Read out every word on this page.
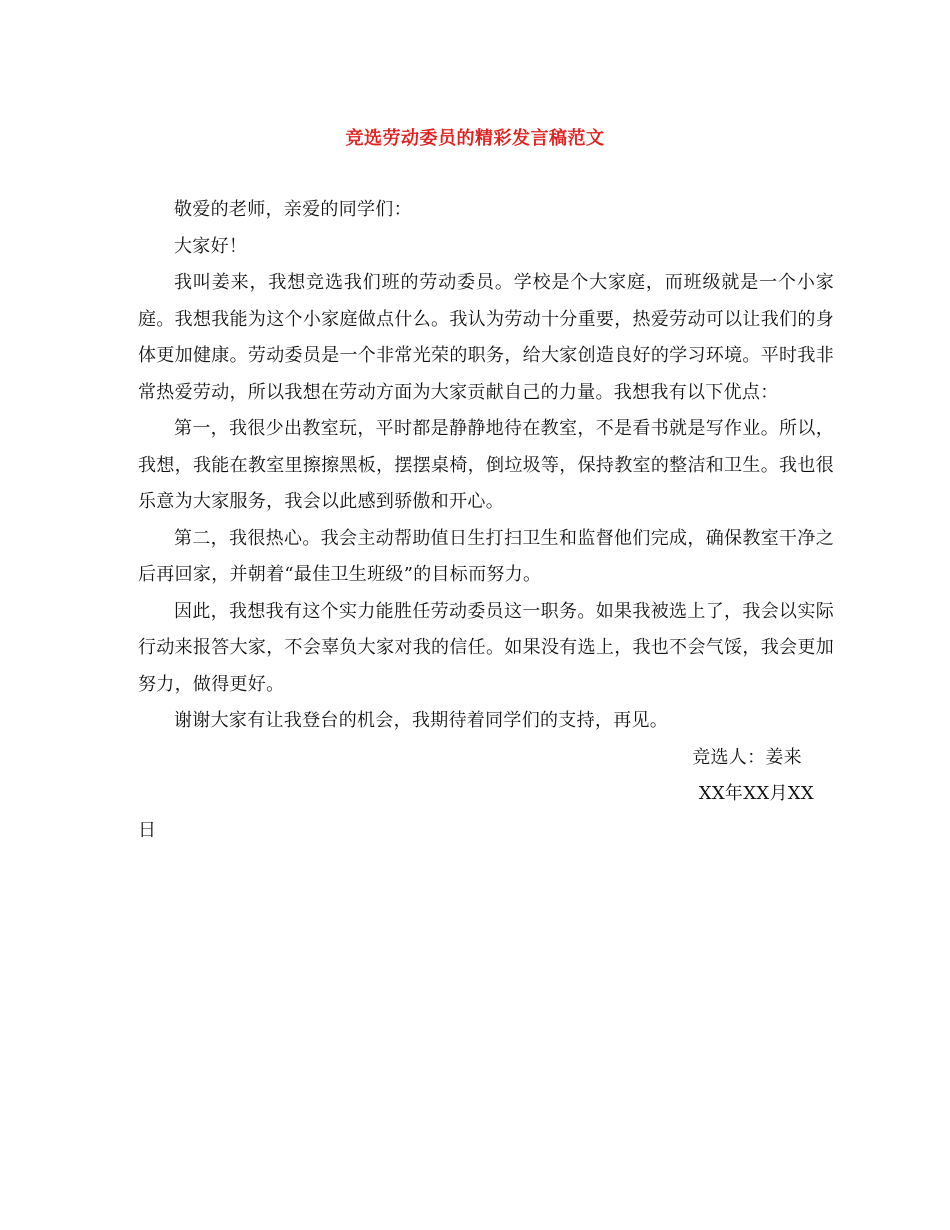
竞选劳动委员的精彩发言稿范文

敬爱的老师，亲爱的同学们：

大家好！

我叫姜来，我想竞选我们班的劳动委员。学校是个大家庭，而班级就是一个小家庭。我想我能为这个小家庭做点什么。我认为劳动十分重要，热爱劳动可以让我们的身体更加健康。劳动委员是一个非常光荣的职务，给大家创造良好的学习环境。平时我非常热爱劳动，所以我想在劳动方面为大家贡献自己的力量。我想我有以下优点：

第一，我很少出教室玩，平时都是静静地待在教室，不是看书就是写作业。所以，我想，我能在教室里擦擦黑板，摆摆桌椅，倒垃圾等，保持教室的整洁和卫生。我也很乐意为大家服务，我会以此感到骄傲和开心。

第二，我很热心。我会主动帮助值日生打扫卫生和监督他们完成，确保教室干净之后再回家，并朝着“最佳卫生班级”的目标而努力。

因此，我想我有这个实力能胜任劳动委员这一职务。如果我被选上了，我会以实际行动来报答大家，不会辜负大家对我的信任。如果没有选上，我也不会气馁，我会更加努力，做得更好。

谢谢大家有让我登台的机会，我期待着同学们的支持，再见。

竞选人：姜来

XX年XX月XX

日
